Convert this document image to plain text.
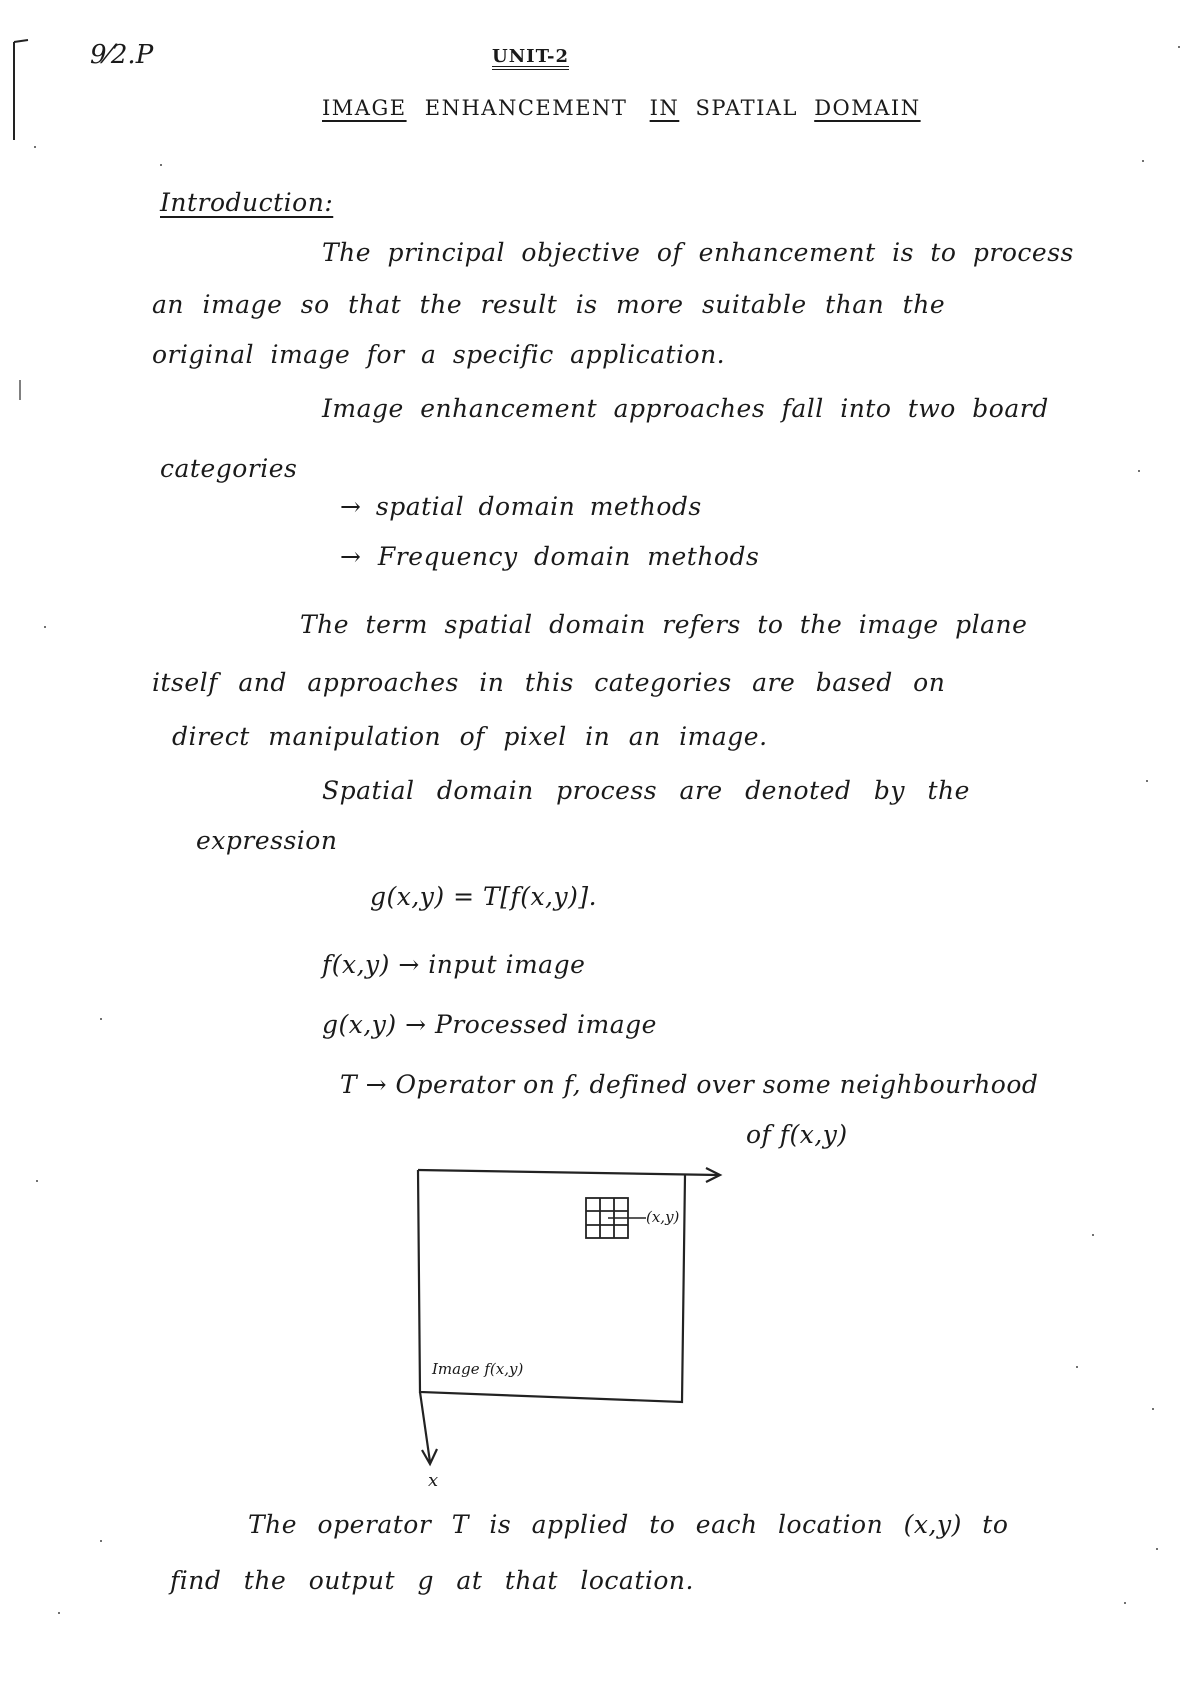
9⁄2.P	UNIT-2
IMAGE ENHANCEMENT IN SPATIAL DOMAIN
Introduction:
The principal objective of enhancement is to process
an image so that the result is more suitable than the
original image for a specific application.
Image enhancement approaches fall into two board
categories
→ spatial domain methods
→ Frequency domain methods
The term spatial domain refers to the image plane
itself and approaches in this categories are based on
direct manipulation of pixel in an image.
Spatial domain process are denoted by the
expression
g(x,y) = T[f(x,y)].
f(x,y) → input image
g(x,y) → Processed image
T → Operator on f, defined over some neighbourhood
of f(x,y)
(x,y)
Image f(x,y)
x
The operator T is applied to each location (x,y) to
find the output g at that location.
